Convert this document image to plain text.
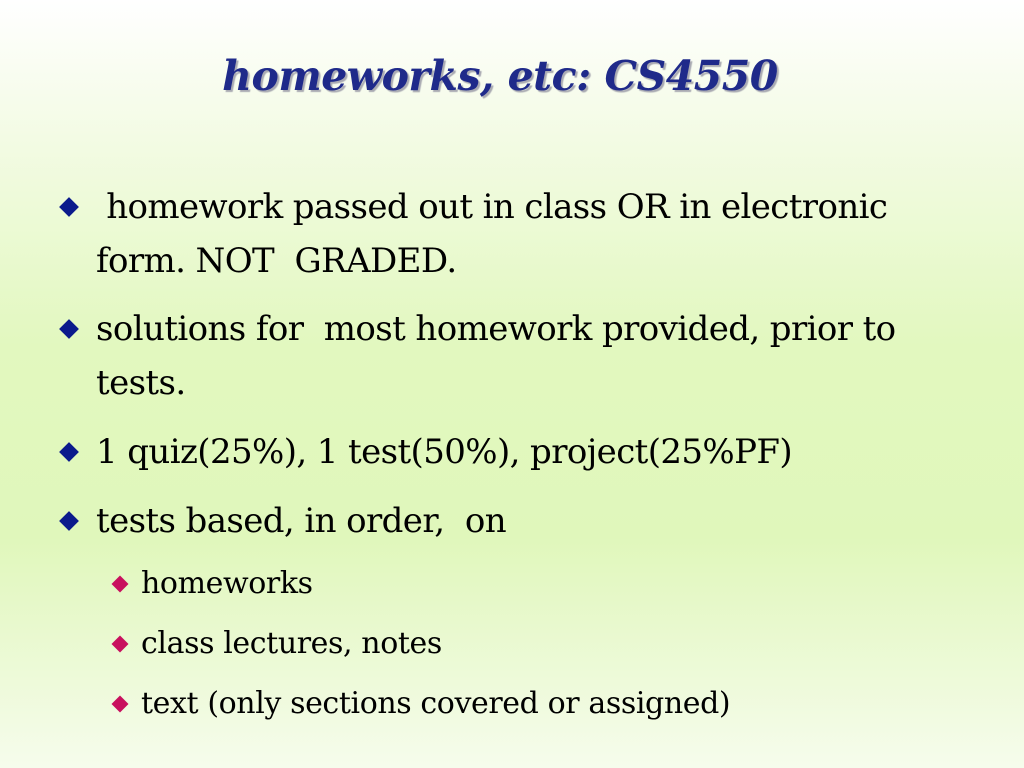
homeworks, etc: CS4550
homework passed out in class OR in electronic form. NOT  GRADED.
solutions for  most homework provided, prior to tests.
1 quiz(25%), 1 test(50%), project(25%PF)
tests based, in order,  on
homeworks
class lectures, notes
text (only sections covered or assigned)
